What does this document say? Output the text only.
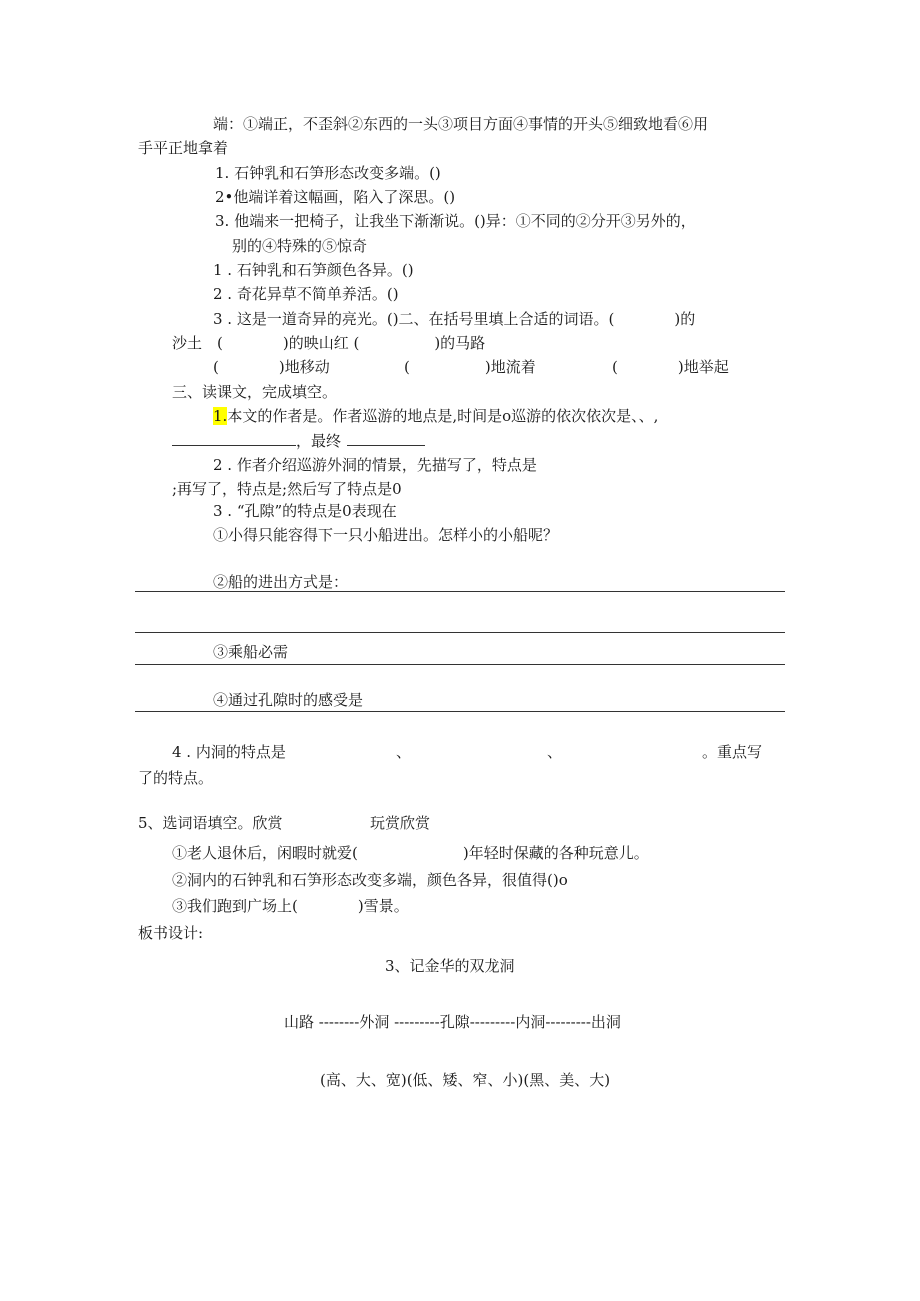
端：①端正，不歪斜②东西的一头③项目方面④事情的开头⑤细致地看⑥用
手平正地拿着
1. 石钟乳和石笋形态改变多端。()
2•他端详着这幅画，陷入了深思。()
3. 他端来一把椅子，让我坐下渐渐说。()异：①不同的②分开③另外的，
别的④特殊的⑤惊奇
1 . 石钟乳和石笋颜色各异。()
2 . 奇花异草不简单养活。()
3 . 这是一道奇异的亮光。()二、在括号里填上合适的词语。(　　　　)的
沙土　(　　　　)的映山红 (　　　　　)的马路
(　　　　)地移动	(　　　　　)地流着	(　　　　)地举起
三、读课文，完成填空。
1.本文的作者是。作者巡游的地点是,时间是o巡游的依次依次是、、,
，最终
2 . 作者介绍巡游外洞的情景，先描写了，特点是
;再写了，特点是;然后写了特点是0
3 . “孔隙”的特点是0表现在
①小得只能容得下一只小船进出。怎样小的小船呢？
②船的进出方式是：
③乘船必需
④通过孔隙时的感受是
4 . 内洞的特点是	、	、	。重点写
了的特点。
5、选词语填空。欣赏	玩赏欣赏
①老人退休后，闲暇时就爱(　　　　　　　)年轻时保藏的各种玩意儿。
②洞内的石钟乳和石笋形态改变多端，颜色各异，很值得()o
③我们跑到广场上(　　　　)雪景。
板书设计:
3、记金华的双龙洞
山路 --------外洞 ---------孔隙---------内洞---------出洞
(高、大、宽)(低、矮、窄、小)(黑、美、大)
